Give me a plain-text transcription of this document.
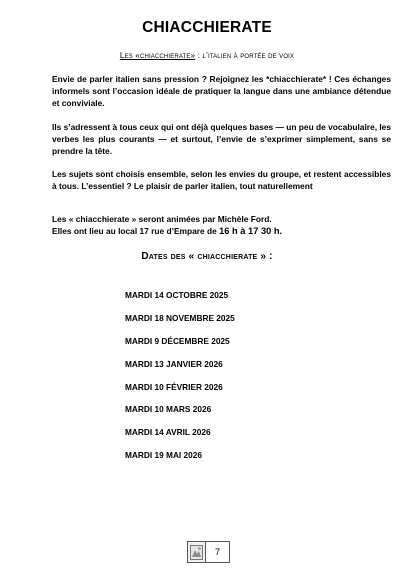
CHIACCHIERATE
Les «chiacchierate» : l’italien à portée de voix
Envie de parler italien sans pression ? Rejoignez les *chiacchierate* ! Ces échanges informels sont l’occasion idéale de pratiquer la langue dans une ambiance détendue et conviviale.
Ils s’adressent à tous ceux qui ont déjà quelques bases — un peu de vocabulaire, les verbes les plus courants — et surtout, l’envie de s’exprimer simplement, sans se prendre la tête.
Les sujets sont choisis ensemble, selon les envies du groupe, et restent accessibles à tous. L’essentiel ? Le plaisir de parler italien, tout naturellement
Les « chiacchierate » seront animées par Michèle Ford.
Elles ont lieu au local 17 rue d’Empare de 16 h à 17 30 h.
Dates des « chiacchierate » :
MARDI 14 OCTOBRE 2025
MARDI 18 NOVEMBRE 2025
MARDI 9 DÉCEMBRE 2025
MARDI 13 JANVIER 2026
MARDI 10 FÉVRIER 2026
MARDI 10 MARS 2026
MARDI 14 AVRIL 2026
MARDI 19 MAI 2026
7
